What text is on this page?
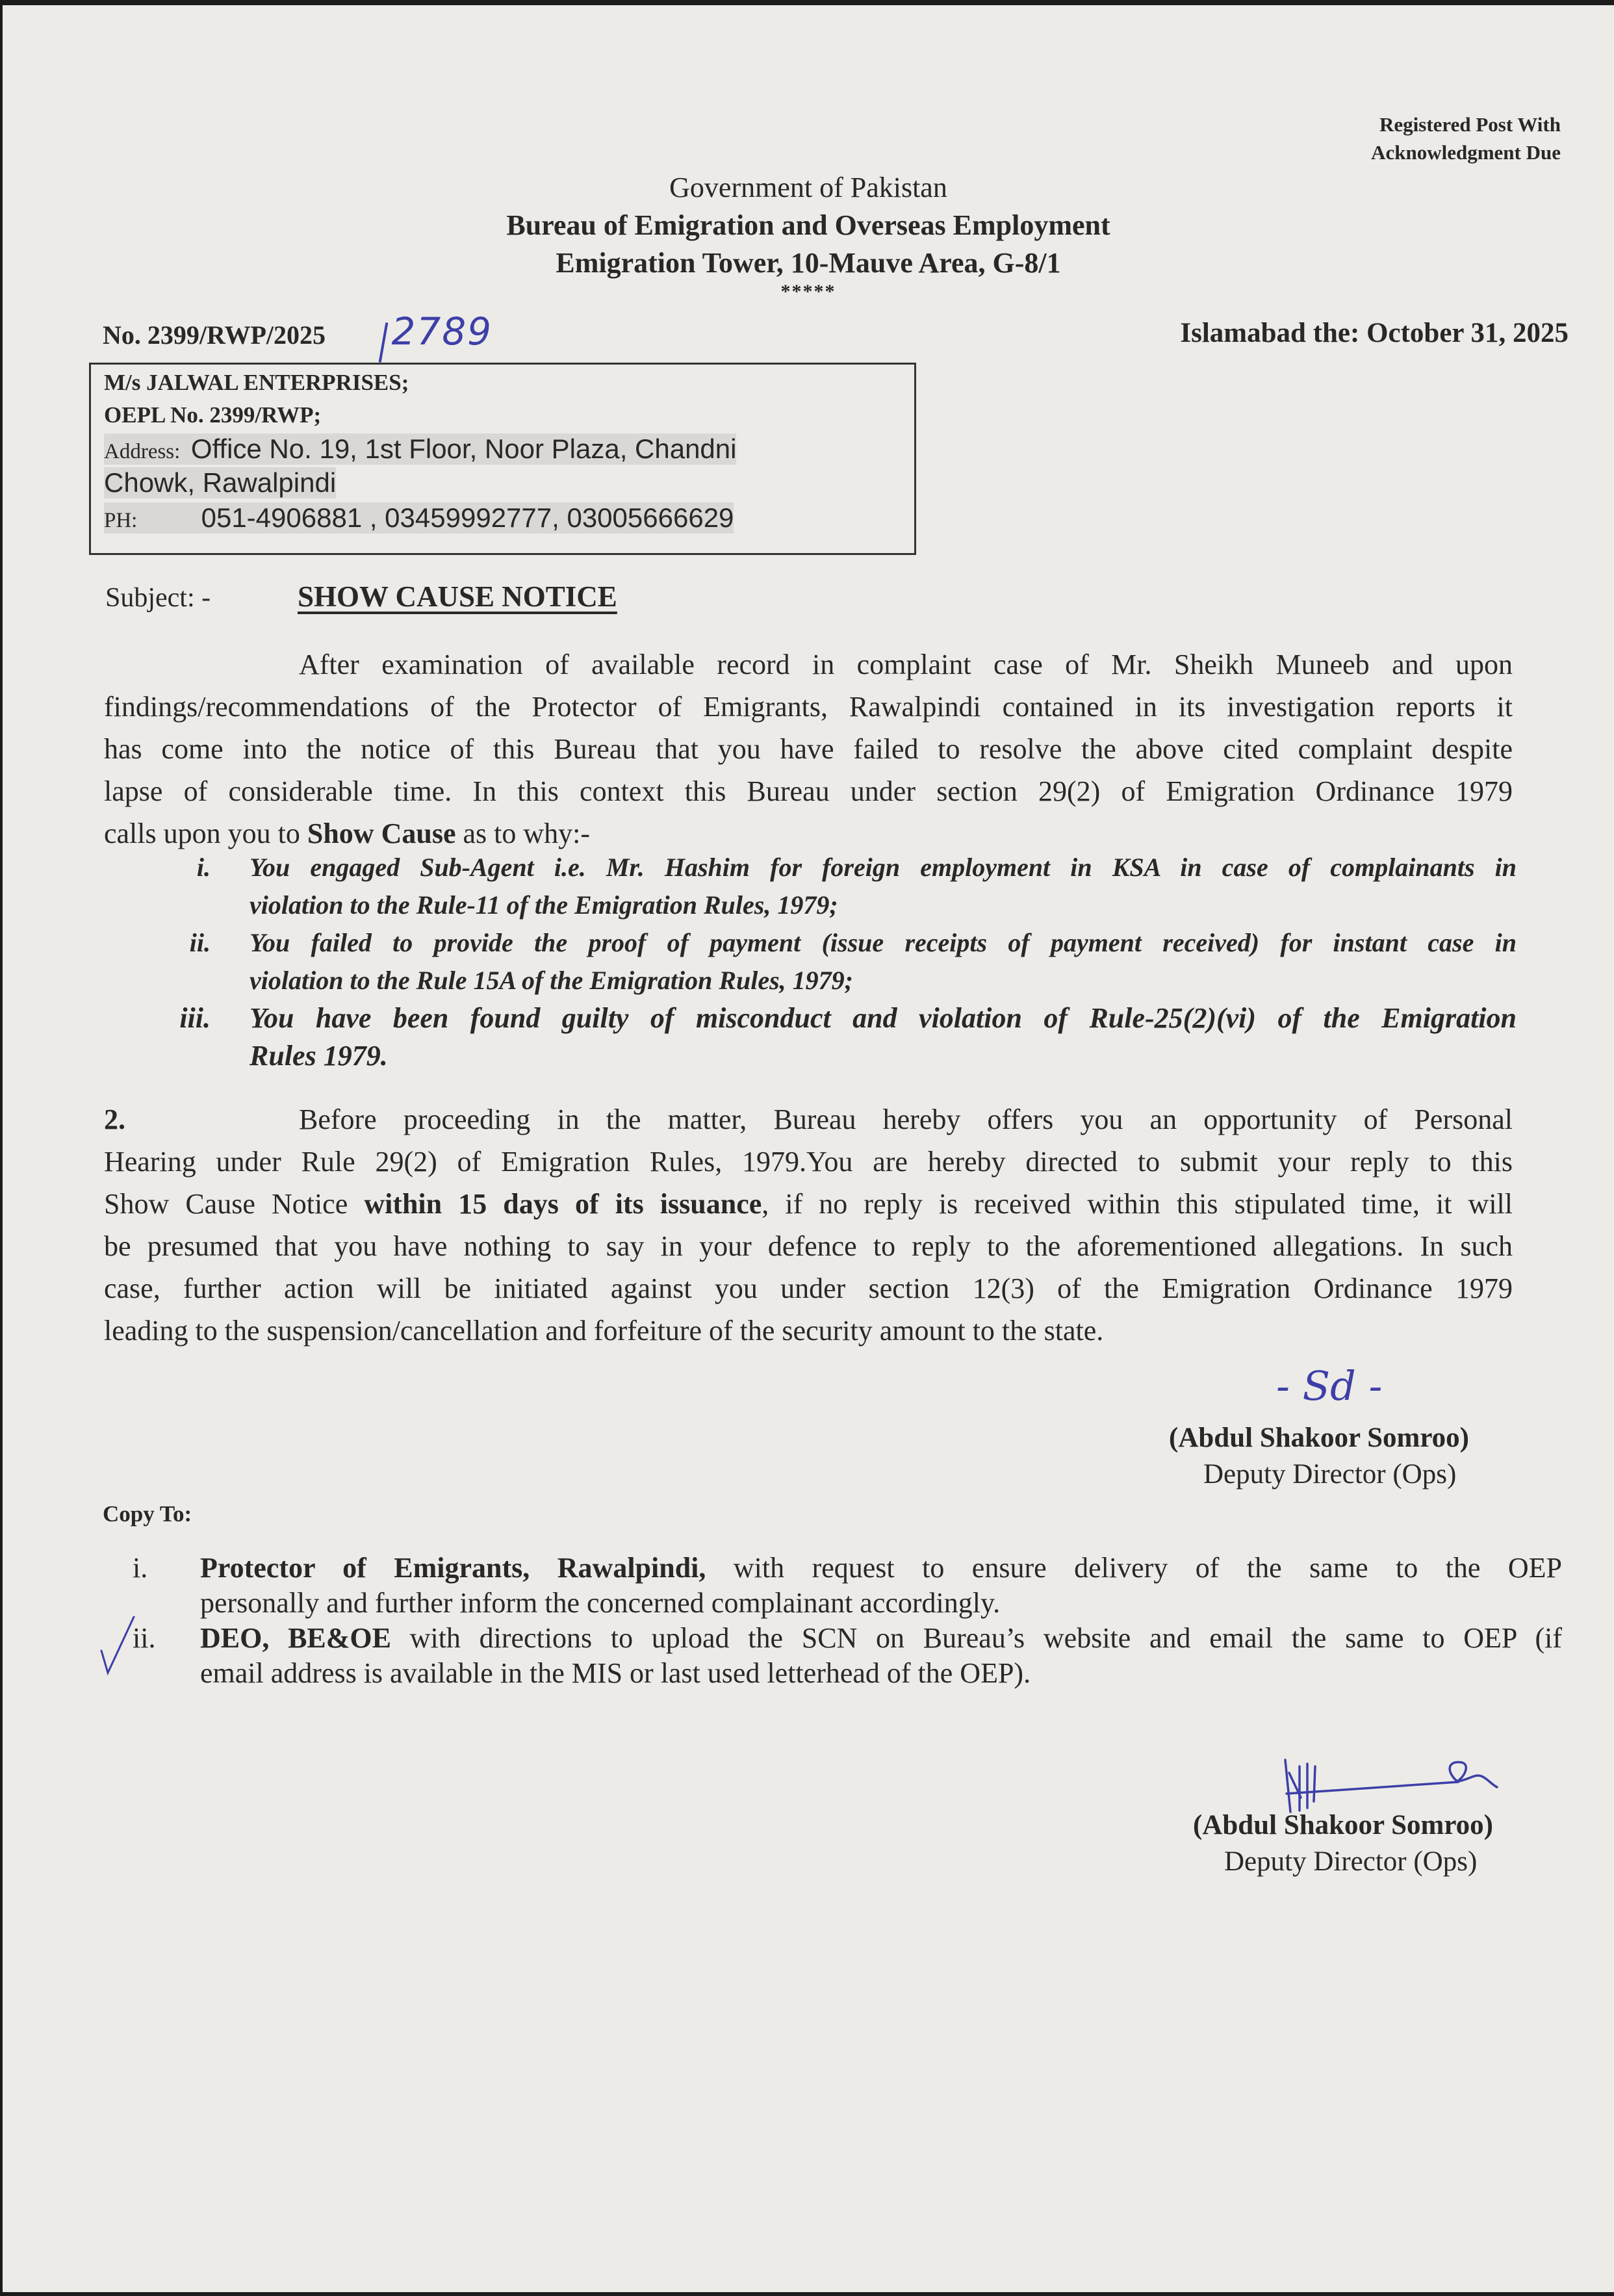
Registered Post With
Acknowledgment Due
Government of Pakistan
Bureau of Emigration and Overseas Employment
Emigration Tower, 10-Mauve Area, G-8/1
*****
No. 2399/RWP/2025	2789	Islamabad the: October 31, 2025
M/s JALWAL ENTERPRISES;
OEPL No. 2399/RWP;
Address: Office No. 19, 1st Floor, Noor Plaza, Chandni
Chowk, Rawalpindi
PH: 051-4906881 , 03459992777, 03005666629
Subject: -	SHOW CAUSE NOTICE
After examination of available record in complaint case of Mr. Sheikh Muneeb and upon
findings/recommendations of the Protector of Emigrants, Rawalpindi contained in its investigation reports it
has come into the notice of this Bureau that you have failed to resolve the above cited complaint despite
lapse of considerable time. In this context this Bureau under section 29(2) of Emigration Ordinance 1979
calls upon you to Show Cause as to why:-
i. You engaged Sub-Agent i.e. Mr. Hashim for foreign employment in KSA in case of complainants in
violation to the Rule-11 of the Emigration Rules, 1979;
ii. You failed to provide the proof of payment (issue receipts of payment received) for instant case in
violation to the Rule 15A of the Emigration Rules, 1979;
iii. You have been found guilty of misconduct and violation of Rule-25(2)(vi) of the Emigration
Rules 1979.
2.	Before proceeding in the matter, Bureau hereby offers you an opportunity of Personal
Hearing under Rule 29(2) of Emigration Rules, 1979.You are hereby directed to submit your reply to this
Show Cause Notice within 15 days of its issuance, if no reply is received within this stipulated time, it will
be presumed that you have nothing to say in your defence to reply to the aforementioned allegations. In such
case, further action will be initiated against you under section 12(3) of the Emigration Ordinance 1979
leading to the suspension/cancellation and forfeiture of the security amount to the state.
- Sd -
(Abdul Shakoor Somroo)
Deputy Director (Ops)
Copy To:
i. Protector of Emigrants, Rawalpindi, with request to ensure delivery of the same to the OEP
personally and further inform the concerned complainant accordingly.
ii. DEO, BE&OE with directions to upload the SCN on Bureau’s website and email the same to OEP (if
email address is available in the MIS or last used letterhead of the OEP).
(Abdul Shakoor Somroo)
Deputy Director (Ops)
